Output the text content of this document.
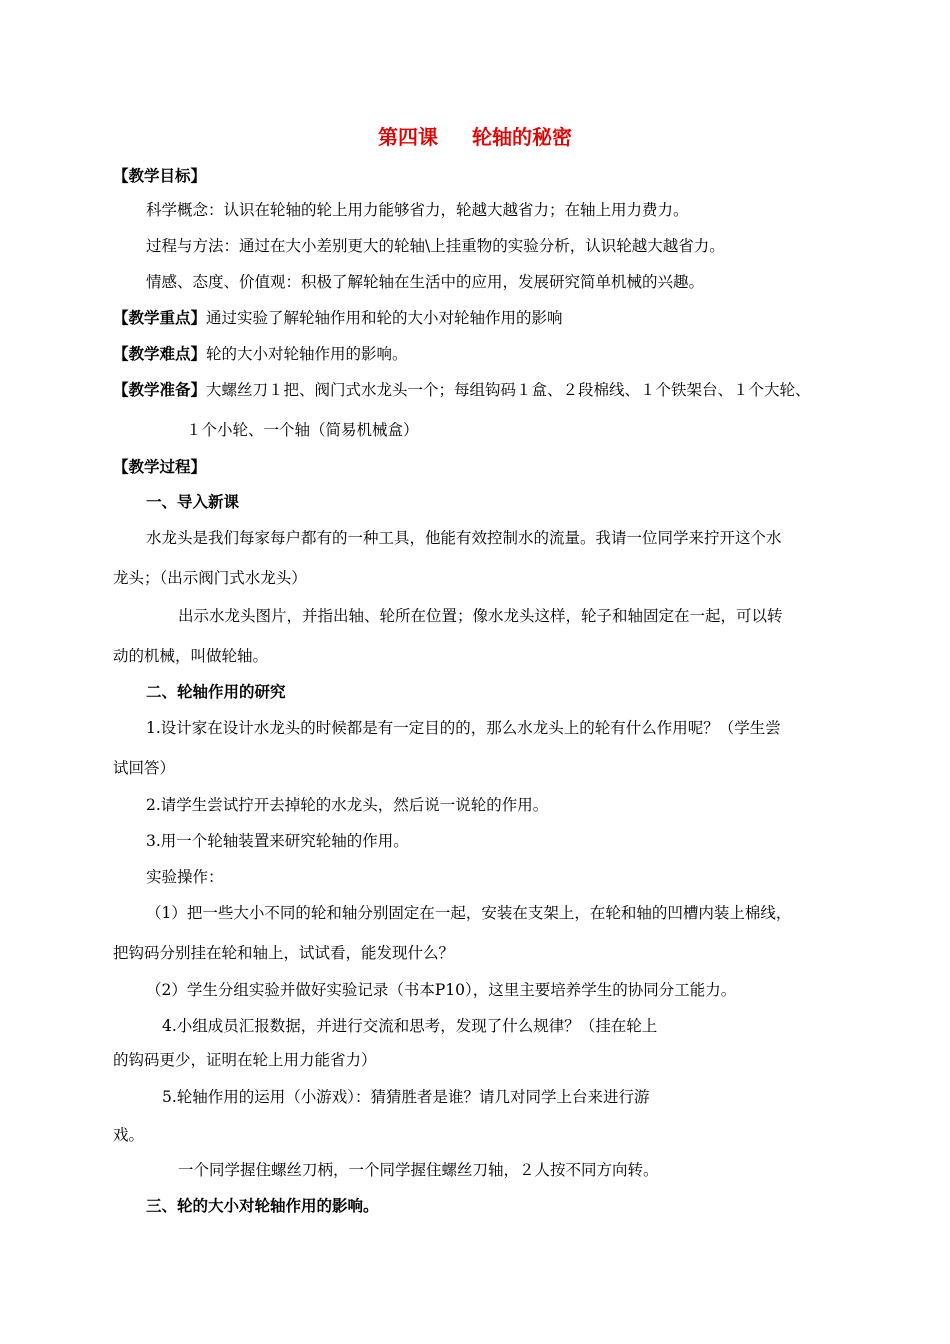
第四课 轮轴的秘密
【教学目标】
科学概念：认识在轮轴的轮上用力能够省力，轮越大越省力；在轴上用力费力。
过程与方法：通过在大小差别更大的轮轴\上挂重物的实验分析，认识轮越大越省力。
情感、态度、价值观：积极了解轮轴在生活中的应用，发展研究简单机械的兴趣。
【教学重点】通过实验了解轮轴作用和轮的大小对轮轴作用的影响
【教学难点】轮的大小对轮轴作用的影响。
【教学准备】大螺丝刀１把、阀门式水龙头一个；每组钩码１盒、２段棉线、１个铁架台、１个大轮、
１个小轮、一个轴（简易机械盒）
【教学过程】
一、导入新课
水龙头是我们每家每户都有的一种工具，他能有效控制水的流量。我请一位同学来拧开这个水
龙头；（出示阀门式水龙头）
出示水龙头图片，并指出轴、轮所在位置；像水龙头这样，轮子和轴固定在一起，可以转
动的机械，叫做轮轴。
二、轮轴作用的研究
1.设计家在设计水龙头的时候都是有一定目的的，那么水龙头上的轮有什么作用呢？（学生尝
试回答）
2.请学生尝试拧开去掉轮的水龙头，然后说一说轮的作用。
3.用一个轮轴装置来研究轮轴的作用。
实验操作：
（1）把一些大小不同的轮和轴分别固定在一起，安装在支架上，在轮和轴的凹槽内装上棉线，
把钩码分别挂在轮和轴上，试试看，能发现什么？
（2）学生分组实验并做好实验记录（书本P10），这里主要培养学生的协同分工能力。
4.小组成员汇报数据，并进行交流和思考，发现了什么规律？（挂在轮上
的钩码更少，证明在轮上用力能省力）
5.轮轴作用的运用（小游戏）：猜猜胜者是谁？请几对同学上台来进行游
戏。
一个同学握住螺丝刀柄，一个同学握住螺丝刀轴，２人按不同方向转。
三、轮的大小对轮轴作用的影响。
